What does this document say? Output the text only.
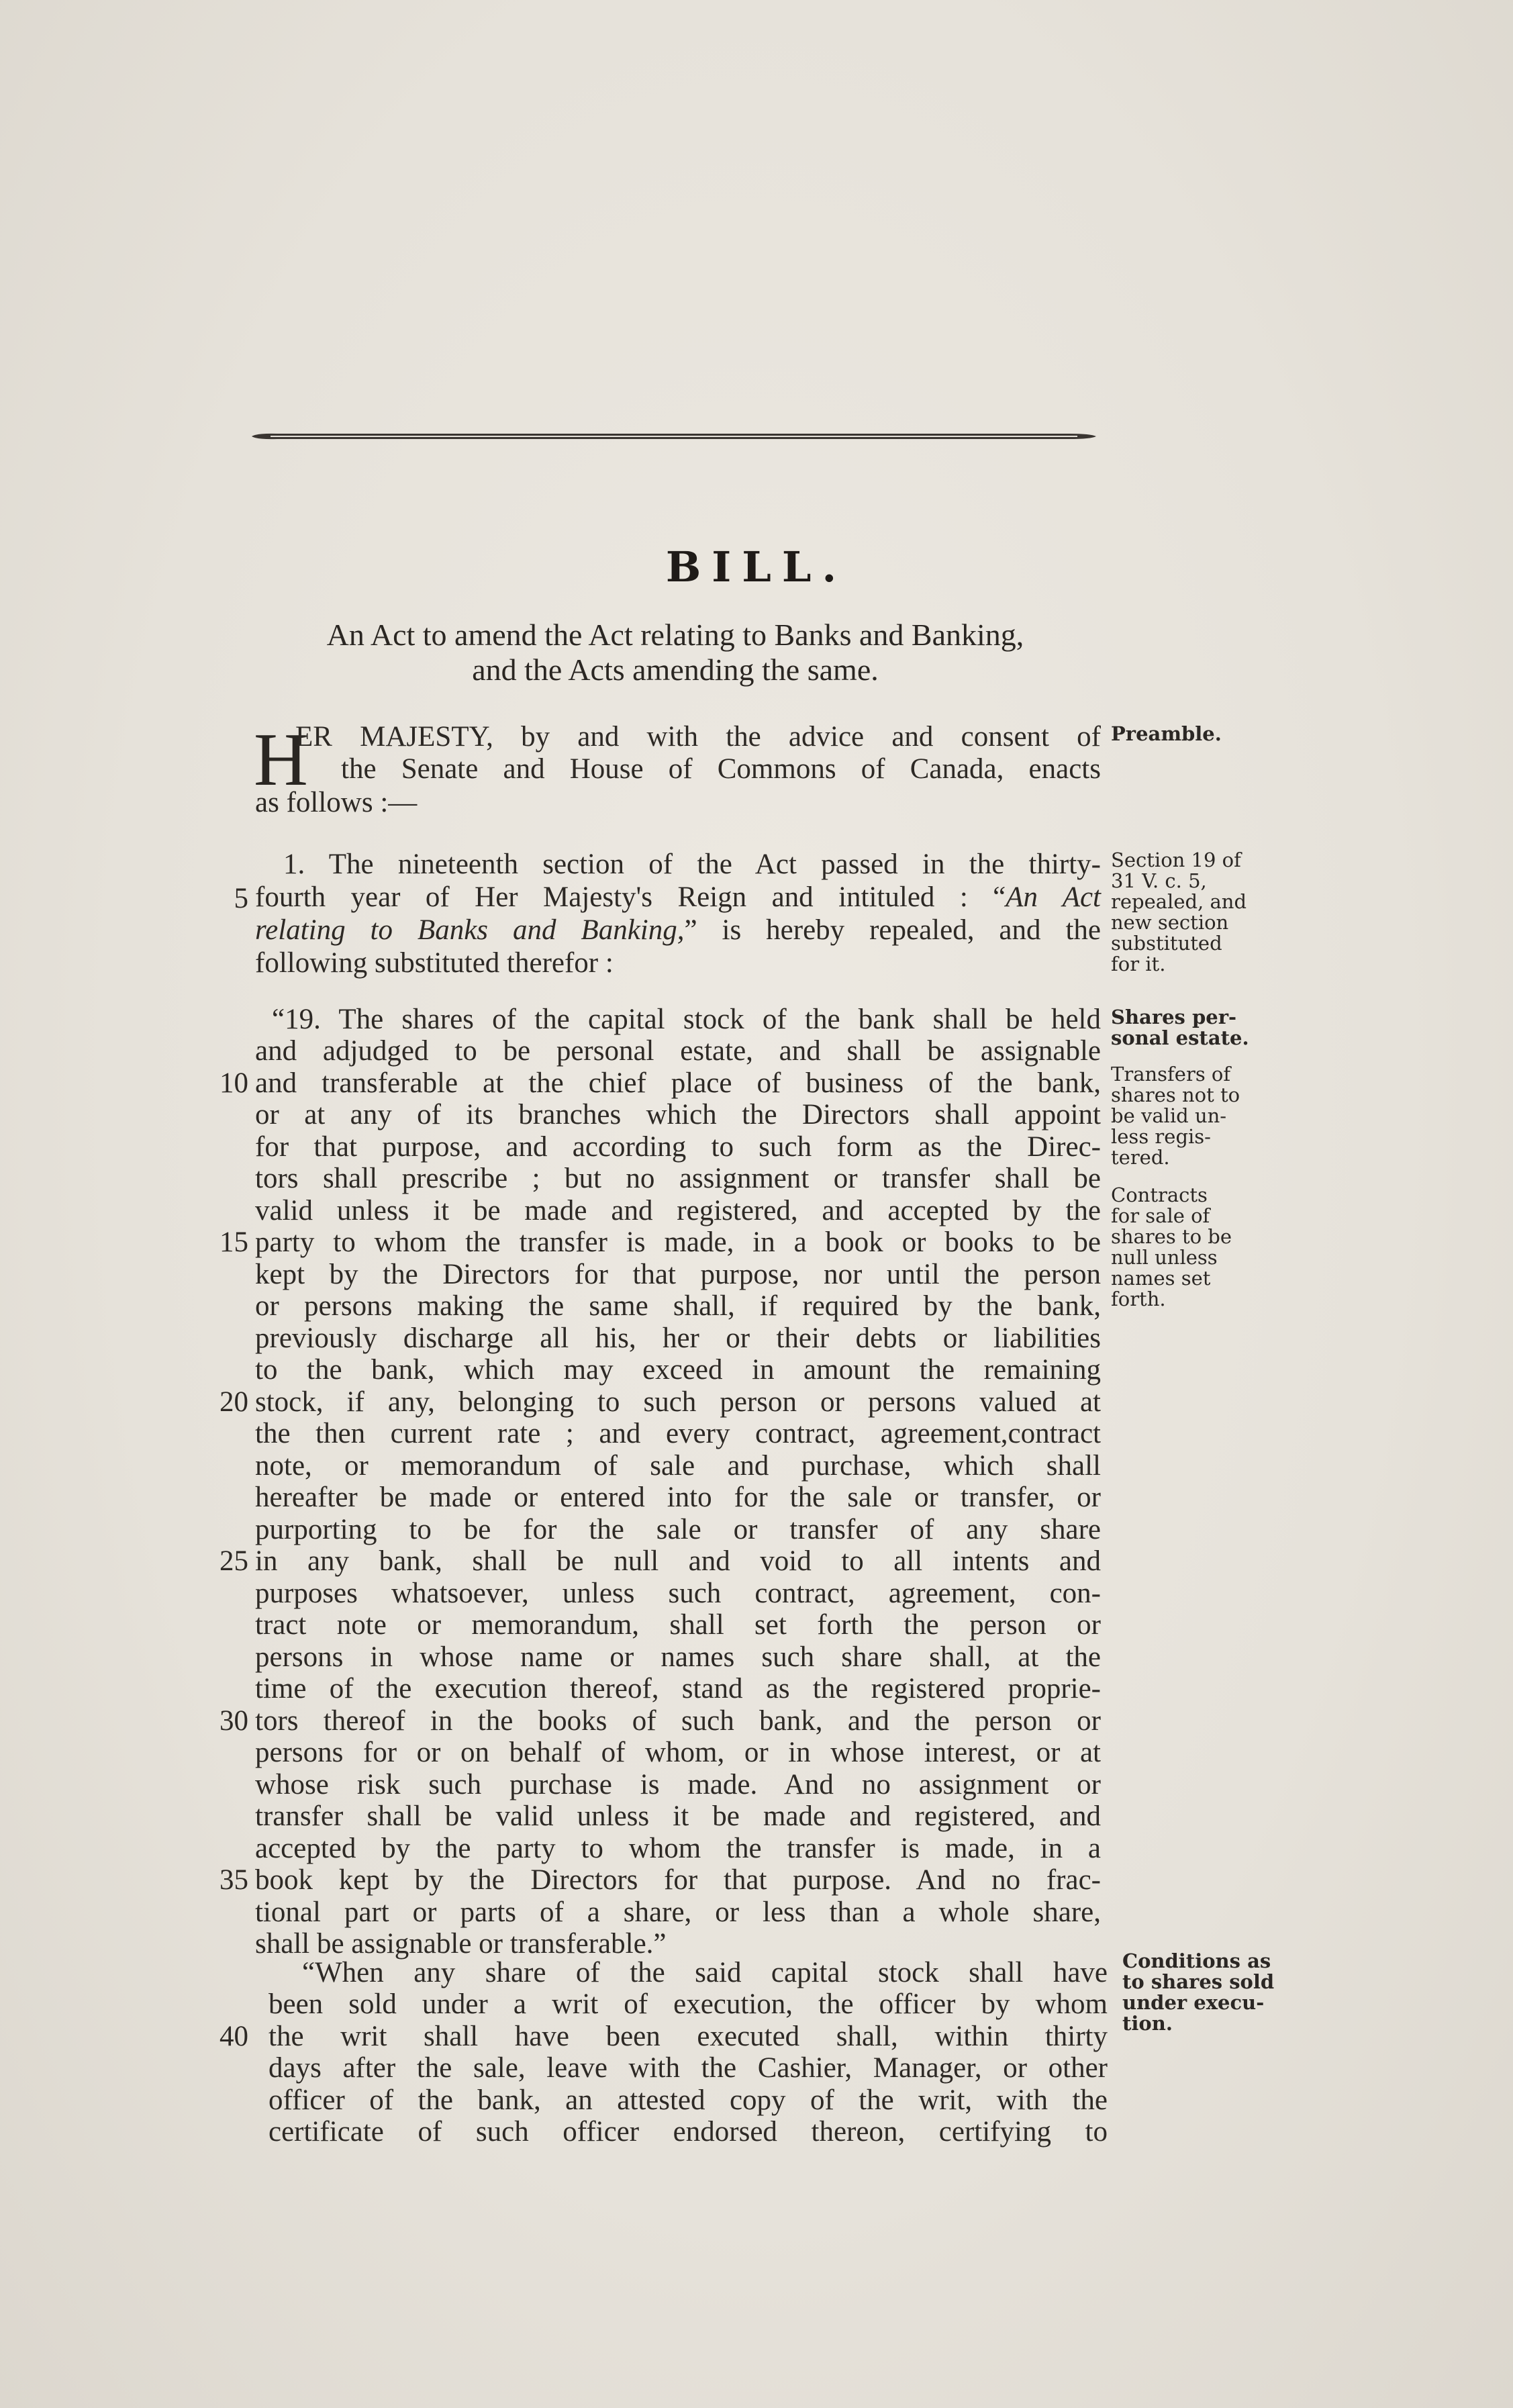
BILL.
An Act to amend the Act relating to Banks and Banking,
and the Acts amending the same.
H
ER MAJESTY, by and with the advice and consent of
the Senate and House of Commons of Canada, enacts
as follows :—
1. The nineteenth section of the Act passed in the thirty-
5 fourth year of Her Majesty's Reign and intituled : “An Act
relating to Banks and Banking,” is hereby repealed, and the
following substituted therefor :
“19. The shares of the capital stock of the bank shall be held
and adjudged to be personal estate, and shall be assignable
10 and transferable at the chief place of business of the bank,
or at any of its branches which the Directors shall appoint
for that purpose, and according to such form as the Direc-
tors shall prescribe ; but no assignment or transfer shall be
valid unless it be made and registered, and accepted by the
15 party to whom the transfer is made, in a book or books to be
kept by the Directors for that purpose, nor until the person
or persons making the same shall, if required by the bank,
previously discharge all his, her or their debts or liabilities
to the bank, which may exceed in amount the remaining
20 stock, if any, belonging to such person or persons valued at
the then current rate ; and every contract, agreement,contract
note, or memorandum of sale and purchase, which shall
hereafter be made or entered into for the sale or transfer, or
purporting to be for the sale or transfer of any share
25 in any bank, shall be null and void to all intents and
purposes whatsoever, unless such contract, agreement, con-
tract note or memorandum, shall set forth the person or
persons in whose name or names such share shall, at the
time of the execution thereof, stand as the registered proprie-
30 tors thereof in the books of such bank, and the person or
persons for or on behalf of whom, or in whose interest, or at
whose risk such purchase is made. And no assignment or
transfer shall be valid unless it be made and registered, and
accepted by the party to whom the transfer is made, in a
35 book kept by the Directors for that purpose. And no frac-
tional part or parts of a share, or less than a whole share,
shall be assignable or transferable.”
“When any share of the said capital stock shall have
been sold under a writ of execution, the officer by whom
40 the writ shall have been executed shall, within thirty
days after the sale, leave with the Cashier, Manager, or other
officer of the bank, an attested copy of the writ, with the
certificate of such officer endorsed thereon, certifying to
Preamble.
Section 19 of
31 V. c. 5,
repealed, and
new section
substituted
for it.
Shares per-
sonal estate.
Transfers of
shares not to
be valid un-
less regis-
tered.
Contracts
for sale of
shares to be
null unless
names set
forth.
Conditions as
to shares sold
under execu-
tion.
